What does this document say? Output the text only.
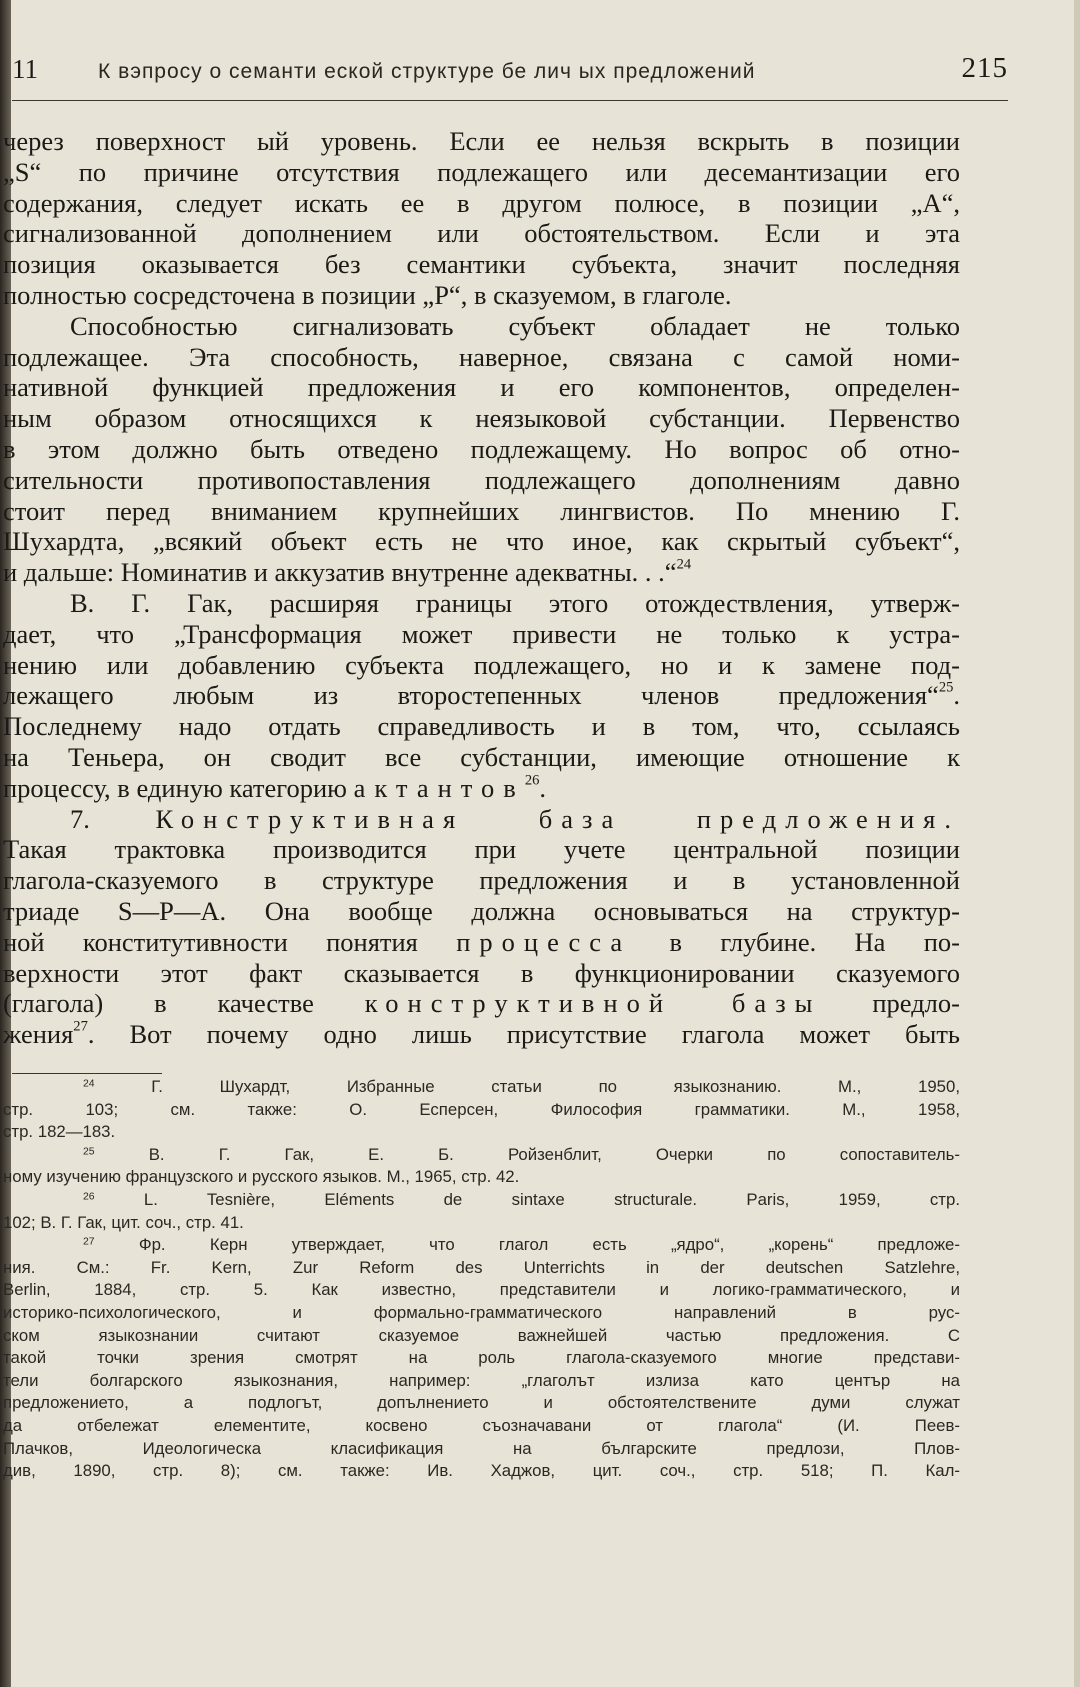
11	К вэпросу о семанти еской структуре бе лич ых предложений	215
через поверхност ый уровень. Если ее нельзя вскрыть в позиции
„S“ по причине отсутствия подлежащего или десемантизации его
содержания, следует искать ее в другом полюсе, в позиции „А“,
сигнализованной дополнением или обстоятельством. Если и эта
позиция оказывается без семантики субъекта, значит последняя
полностью сосредсточена в позиции „Р“, в сказуемом, в глаголе.
Способностью сигнализовать субъект обладает не только
подлежащее. Эта способность, наверное, связана с самой номи-
нативной функцией предложения и его компонентов, определен-
ным образом относящихся к неязыковой субстанции. Первенство
в этом должно быть отведено подлежащему. Но вопрос об отно-
сительности противопоставления подлежащего дополнениям давно
стоит перед вниманием крупнейших лингвистов. По мнению Г.
Шухардта, „всякий объект есть не что иное, как скрытый субъект“,
и дальше: Номинатив и аккузатив внутренне адекватны. . .“$^{24}$
В. Г. Гак, расширяя границы этого отождествления, утверж-
дает, что „Трансформация может привести не только к устра-
нению или добавлению субъекта подлежащего, но и к замене под-
лежащего любым из второстепенных членов предложения“$^{25}$.
Последнему надо отдать справедливость и в том, что, ссылаясь
на Теньера, он сводит все субстанции, имеющие отношение к
процессу, в единую категорию актантов$^{26}$.
7. Конструктивная база предложения.
Такая трактовка производится при учете центральной позиции
глагола-сказуемого в структуре предложения и в установленной
триаде S—Р—А. Она вообще должна основываться на структур-
ной конститутивности понятия процесса в глубине. На по-
верхности этот факт сказывается в функционировании сказуемого
(глагола) в качестве конструктивной базы предло-
жения$^{27}$. Вот почему одно лишь присутствие глагола может быть
$^{24}$	Г. Шухардт, Избранные статьи по языкознанию. М., 1950,
стр. 103; см. также: О. Есперсен, Философия грамматики. М., 1958,
стр. 182—183.
$^{25}$	В. Г. Гак, Е. Б. Ройзенблит, Очерки по сопоставитель-
ному изучению французского и русского языков. М., 1965, стр. 42.
$^{26}$	L. Tesnière, Eléments de sintaxe structurale. Paris, 1959, стр.
102; В. Г. Гак, цит. соч., стр. 41.
$^{27}$	Фр. Керн утверждает, что глагол есть „ядро“, „корень“ предложе-
ния. См.: Fr. Kern, Zur Reform des Unterrichts in der deutschen Satzlehre,
Berlin, 1884, стр. 5. Как известно, представители и логико-грамматического, и
историко-психологического, и формально-грамматического направлений в рус-
ском языкознании считают сказуемое важнейшей частью предложения. С
такой точки зрения смотрят на роль глагола-сказуемого многие представи-
тели болгарского языкознания, например: „глаголът излиза като център на
предложението, а подлогът, допълнението и обстоятелствените думи служат
да отбележат елементите, косвено съозначавани от глагола“ (И. Пеев-
Плачков, Идеологическа класификация на българските предлози, Плов-
див, 1890, стр. 8); см. также: Ив. Хаджов, цит. соч., стр. 518; П. Кал-
